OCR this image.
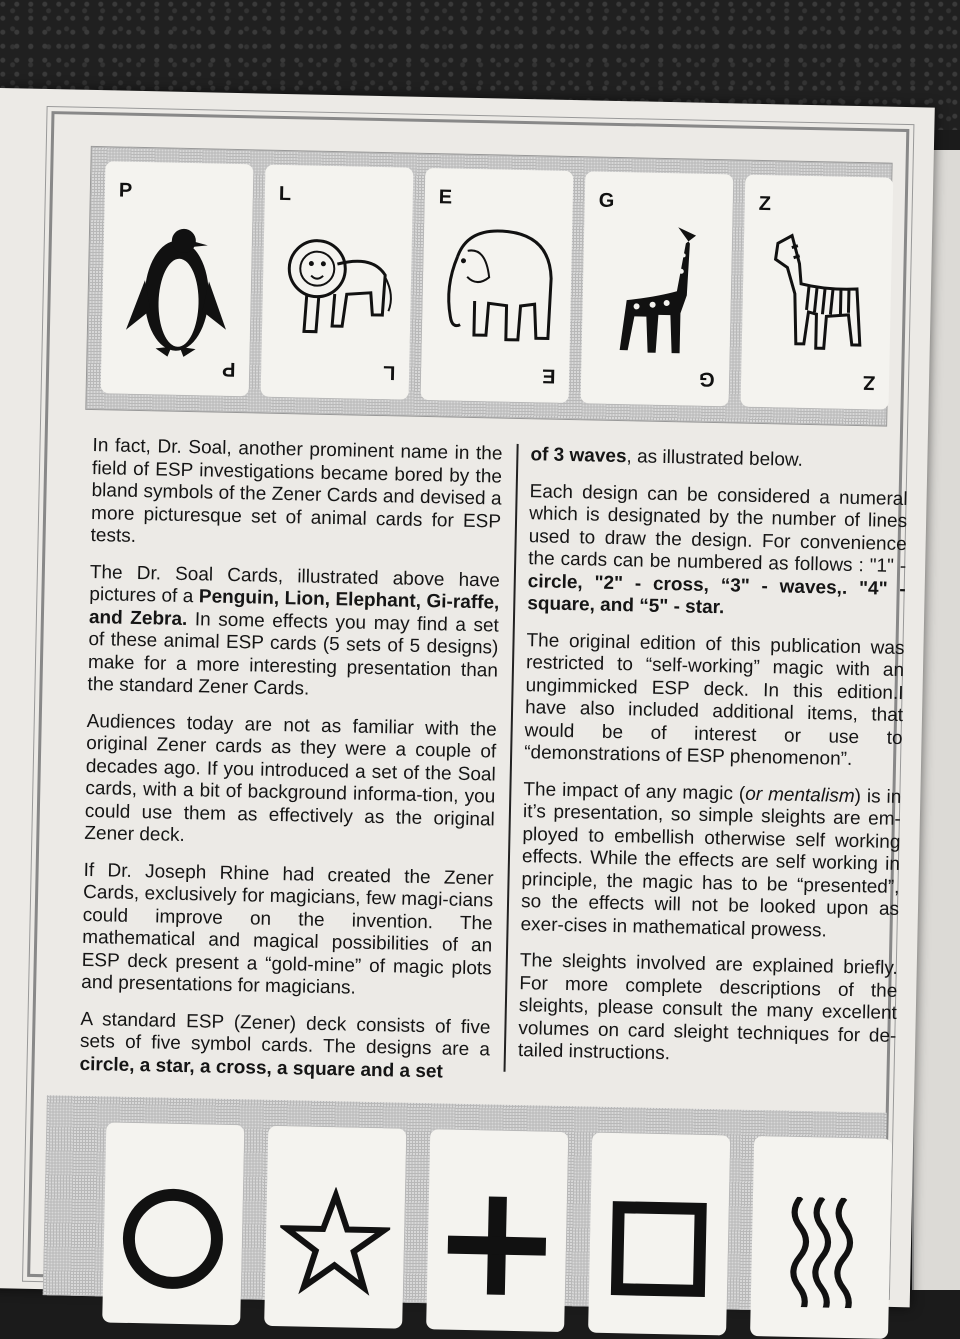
P
P
L
L
E
E
G
G
Z
Z

In fact, Dr. Soal, another prominent name in the field of ESP investigations became bored by the bland symbols of the Zener Cards and devised a more picturesque set of animal cards for ESP tests.

The Dr. Soal Cards, illustrated above have pictures of a Penguin, Lion, Elephant, Gi-raffe, and Zebra. In some effects you may find a set of these animal ESP cards (5 sets of 5 designs) make for a more interesting presentation than the standard Zener Cards.

Audiences today are not as familiar with the original Zener cards as they were a couple of decades ago. If you introduced a set of the Soal cards, with a bit of background informa-tion, you could use them as effectively as the original Zener deck.

If Dr. Joseph Rhine had created the Zener Cards, exclusively for magicians, few magi-cians could improve on the invention. The mathematical and magical possibilities of an ESP deck present a “gold-mine” of magic plots and presentations for magicians.

A standard ESP (Zener) deck consists of five sets of five symbol cards. The designs are a circle, a star, a cross, a square and a set

of 3 waves, as illustrated below.

Each design can be considered a numeral which is designated by the number of lines used to draw the design. For convenience the cards can be numbered as follows : "1" - circle, "2" - cross, “3" - waves,. "4" - square, and “5" - star.

The original edition of this publication was restricted to “self-working” magic with an ungimmicked ESP deck. In this edition.I have also included additional items, that would be of interest or use to “demonstrations of ESP phenomenon”.

The impact of any magic (or mentalism) is in it’s presentation, so simple sleights are em-ployed to embellish otherwise self working effects. While the effects are self working in principle, the magic has to be “presented”, so the effects will not be looked upon as exer-cises in mathematical prowess.

The sleights involved are explained briefly. For more complete descriptions of the sleights, please consult the many excellent volumes on card sleight techniques for de-tailed instructions.
